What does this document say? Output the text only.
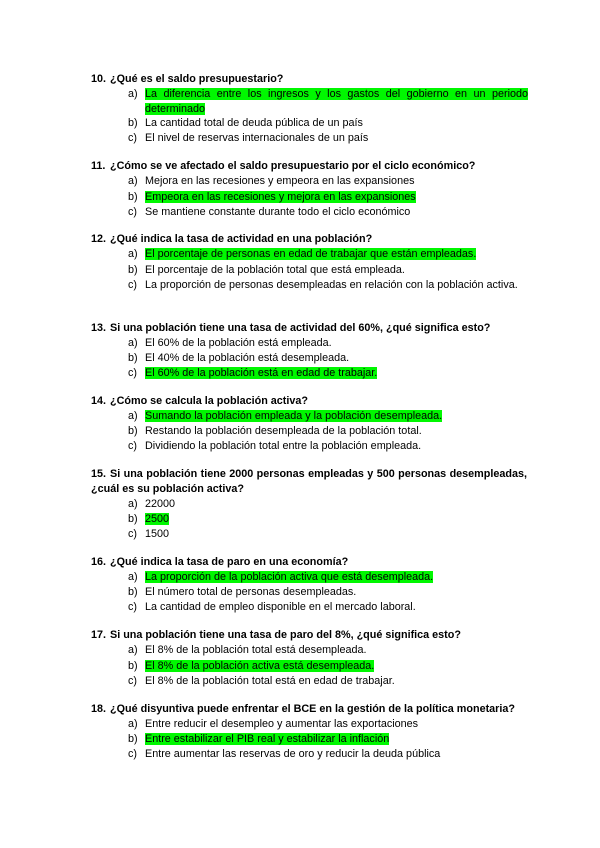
10. ¿Qué es el saldo presupuestario?

a) La diferencia entre los ingresos y los gastos del gobierno en un periodo determinado
b) La cantidad total de deuda pública de un país
c) El nivel de reservas internacionales de un país

11. ¿Cómo se ve afectado el saldo presupuestario por el ciclo económico?

a) Mejora en las recesiones y empeora en las expansiones
b) Empeora en las recesiones y mejora en las expansiones
c) Se mantiene constante durante todo el ciclo económico

12. ¿Qué indica la tasa de actividad en una población?

a) El porcentaje de personas en edad de trabajar que están empleadas.
b) El porcentaje de la población total que está empleada.
c) La proporción de personas desempleadas en relación con la población activa.

13. Si una población tiene una tasa de actividad del 60%, ¿qué significa esto?

a) El 60% de la población está empleada.
b) El 40% de la población está desempleada.
c) El 60% de la población está en edad de trabajar.

14. ¿Cómo se calcula la población activa?

a) Sumando la población empleada y la población desempleada.
b) Restando la población desempleada de la población total.
c) Dividiendo la población total entre la población empleada.

15. Si una población tiene 2000 personas empleadas y 500 personas desempleadas, ¿cuál es su población activa?

a) 22000
b) 2500
c) 1500

16. ¿Qué indica la tasa de paro en una economía?

a) La proporción de la población activa que está desempleada.
b) El número total de personas desempleadas.
c) La cantidad de empleo disponible en el mercado laboral.

17. Si una población tiene una tasa de paro del 8%, ¿qué significa esto?

a) El 8% de la población total está desempleada.
b) El 8% de la población activa está desempleada.
c) El 8% de la población total está en edad de trabajar.

18. ¿Qué disyuntiva puede enfrentar el BCE en la gestión de la política monetaria?

a) Entre reducir el desempleo y aumentar las exportaciones
b) Entre estabilizar el PIB real y estabilizar la inflación
c) Entre aumentar las reservas de oro y reducir la deuda pública
